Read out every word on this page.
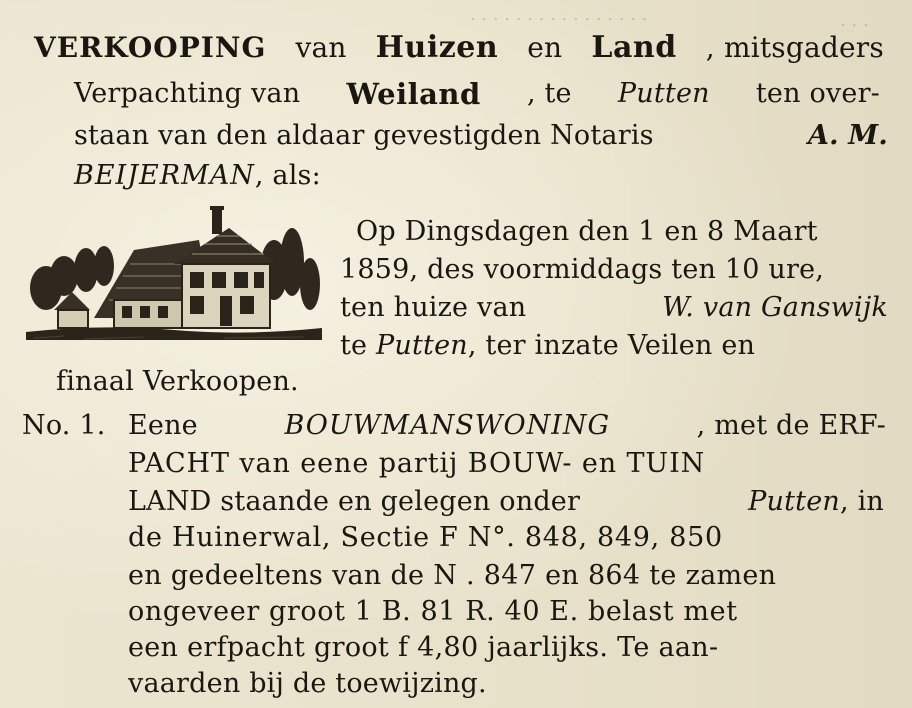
. . . . . . . . . . . . . . . .	. . .
VERKOOPING van Huizen en Land , mitsgaders
Verpachting van Weiland , te Putten ten over-
staan van den aldaar gevestigden Notaris	A. M.
BEIJERMAN, als:
Op Dingsdagen den 1 en 8 Maart
1859, des voormiddags ten 10 ure,
ten huize van	W. van Ganswijk
te Putten, ter inzate Veilen en
finaal Verkoopen.
No. 1. Eene	BOUWMANSWONING	, met de ERF-
PACHT van eene partij BOUW- en TUIN
LAND staande en gelegen onder	Putten , in
de Huinerwal, Sectie F N°. 848, 849, 850
en gedeeltens van de N . 847 en 864 te zamen
ongeveer groot 1 B. 81 R. 40 E. belast met
een erfpacht groot f 4,80 jaarlijks. Te aan-
vaarden bij de toewijzing.
